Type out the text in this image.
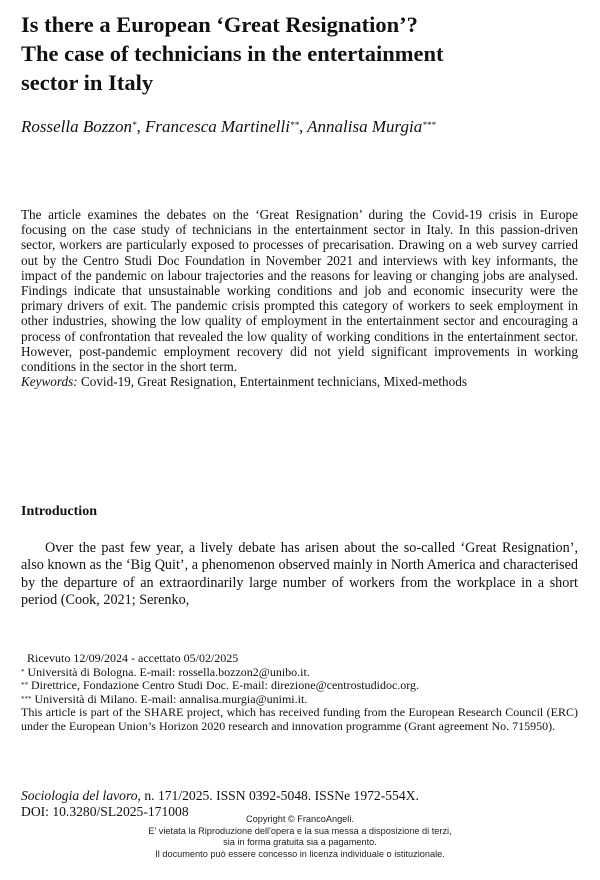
Is there a European ‘Great Resignation’?
The case of technicians in the entertainment
sector in Italy
Rossella Bozzon*, Francesca Martinelli**, Annalisa Murgia***
The article examines the debates on the ‘Great Resignation’ during the Covid-19 crisis in Europe focusing on the case study of technicians in the entertainment sector in Italy. In this passion-driven sector, workers are particularly exposed to processes of precarisation. Drawing on a web survey carried out by the Centro Studi Doc Foundation in November 2021 and interviews with key informants, the impact of the pandemic on labour trajectories and the reasons for leaving or changing jobs are analysed. Findings indicate that unsustainable working conditions and job and economic insecurity were the primary drivers of exit. The pandemic crisis prompted this category of workers to seek employment in other industries, showing the low quality of employment in the entertainment sector and encouraging a process of confrontation that revealed the low quality of working conditions in the entertainment sector. However, post-pandemic employment recovery did not yield significant improvements in working conditions in the sector in the short term.
Keywords: Covid-19, Great Resignation, Entertainment technicians, Mixed-methods
Introduction

Over the past few year, a lively debate has arisen about the so-called ‘Great Resignation’, also known as the ‘Big Quit’, a phenomenon observed mainly in North America and characterised by the departure of an extraordinarily large number of workers from the workplace in a short period (Cook, 2021; Serenko,

Ricevuto 12/09/2024 - accettato 05/02/2025
* Università di Bologna. E-mail: rossella.bozzon2@unibo.it.
** Direttrice, Fondazione Centro Studi Doc. E-mail: direzione@centrostudidoc.org.
*** Università di Milano. E-mail: annalisa.murgia@unimi.it.
This article is part of the SHARE project, which has received funding from the European Research Council (ERC) under the European Union’s Horizon 2020 research and innovation programme (Grant agreement No. 715950).
Sociologia del lavoro, n. 171/2025. ISSN 0392-5048. ISSNe 1972-554X.
DOI: 10.3280/SL2025-171008	Copyright © FrancoAngeli.
E' vietata la Riproduzione dell'opera e la sua messa a disposizione di terzi,
sia in forma gratuita sia a pagamento.
Il documento può essere concesso in licenza individuale o istituzionale.
